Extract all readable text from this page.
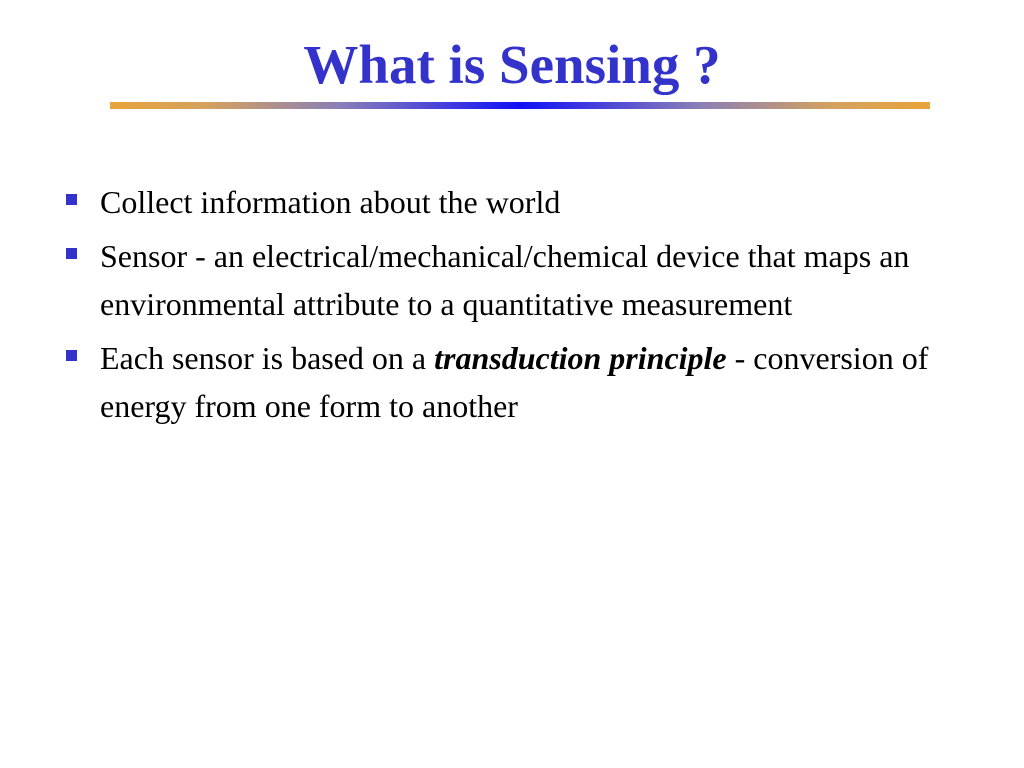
What is Sensing ?
Collect information about the world
Sensor - an electrical/mechanical/chemical device that maps an environmental attribute to a quantitative measurement
Each sensor is based on a transduction principle - conversion of energy from one form to another
